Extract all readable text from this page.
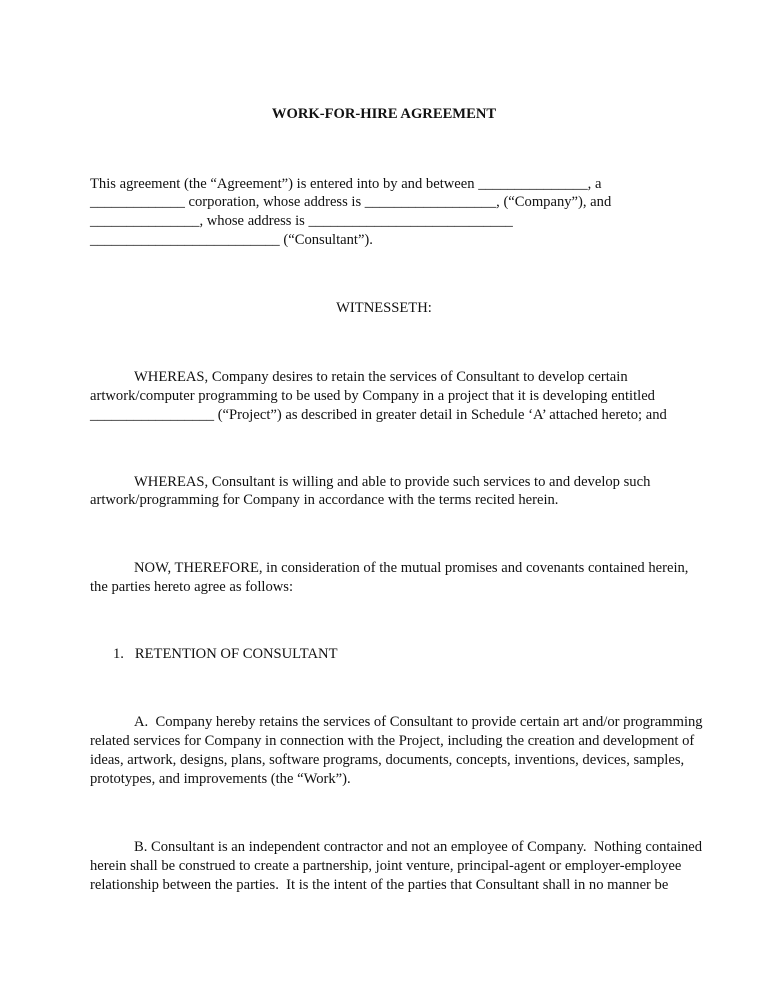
WORK-FOR-HIRE AGREEMENT
This agreement (the “Agreement”) is entered into by and between _______________, a
_____________ corporation, whose address is __________________, (“Company”), and
_______________, whose address is ____________________________
__________________________ (“Consultant”).
WITNESSETH:
WHEREAS, Company desires to retain the services of Consultant to develop certain
artwork/computer programming to be used by Company in a project that it is developing entitled
_________________ (“Project”) as described in greater detail in Schedule ‘A’ attached hereto; and
WHEREAS, Consultant is willing and able to provide such services to and develop such
artwork/programming for Company in accordance with the terms recited herein.
NOW, THEREFORE, in consideration of the mutual promises and covenants contained herein,
the parties hereto agree as follows:
1.   RETENTION OF CONSULTANT
A.  Company hereby retains the services of Consultant to provide certain art and/or programming
related services for Company in connection with the Project, including the creation and development of
ideas, artwork, designs, plans, software programs, documents, concepts, inventions, devices, samples,
prototypes, and improvements (the “Work”).
B. Consultant is an independent contractor and not an employee of Company.  Nothing contained
herein shall be construed to create a partnership, joint venture, principal-agent or employer-employee
relationship between the parties.  It is the intent of the parties that Consultant shall in no manner be
